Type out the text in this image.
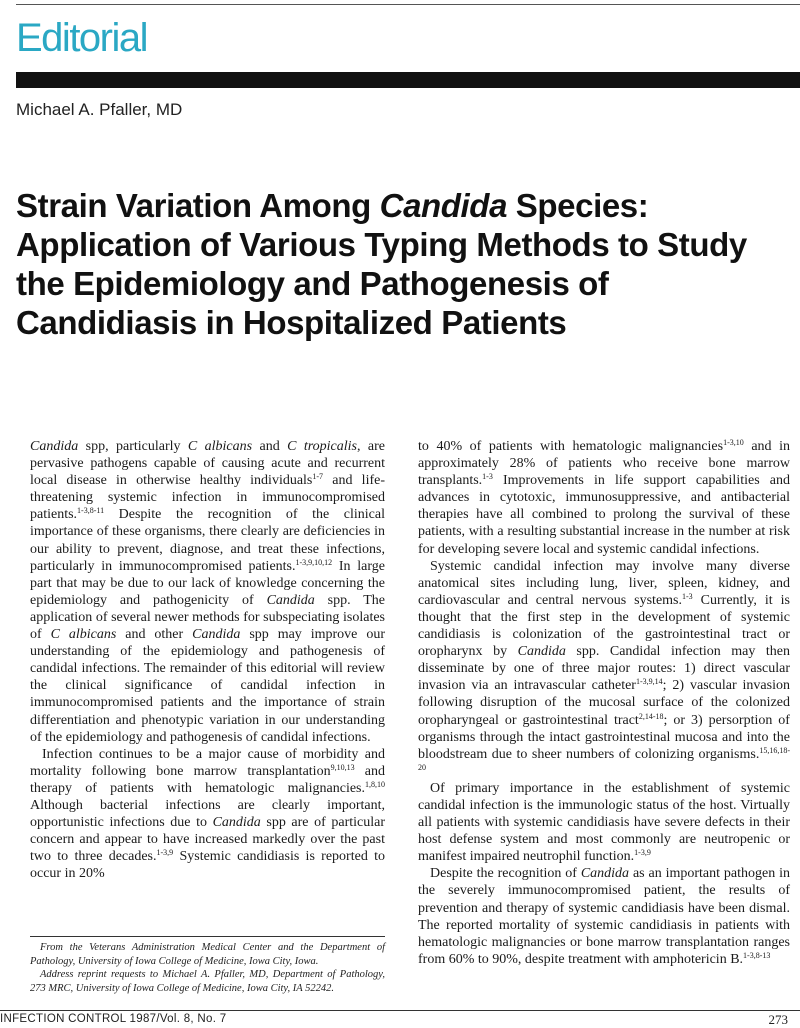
Editorial
Michael A. Pfaller, MD
Strain Variation Among Candida Species: Application of Various Typing Methods to Study the Epidemiology and Pathogenesis of Candidiasis in Hospitalized Patients

Candida spp, particularly C albicans and C tropicalis, are pervasive pathogens capable of causing acute and recurrent local disease in otherwise healthy individuals$^{1-7}$ and life-threatening systemic infection in immunocompromised patients.$^{1-3,8-11}$ Despite the recognition of the clinical importance of these organisms, there clearly are deficiencies in our ability to prevent, diagnose, and treat these infections, particularly in immunocompromised patients.$^{1-3,9,10,12}$ In large part that may be due to our lack of knowledge concerning the epidemiology and pathogenicity of Candida spp. The application of several newer methods for subspeciating isolates of C albicans and other Candida spp may improve our understanding of the epidemiology and pathogenesis of candidal infections. The remainder of this editorial will review the clinical significance of candidal infection in immunocompromised patients and the importance of strain differentiation and phenotypic variation in our understanding of the epidemiology and pathogenesis of candidal infections.

Infection continues to be a major cause of morbidity and mortality following bone marrow transplantation$^{9,10,13}$ and therapy of patients with hematologic malignancies.$^{1,8,10}$ Although bacterial infections are clearly important, opportunistic infections due to Candida spp are of particular concern and appear to have increased markedly over the past two to three decades.$^{1-3,9}$ Systemic candidiasis is reported to occur in 20%

From the Veterans Administration Medical Center and the Department of Pathology, University of Iowa College of Medicine, Iowa City, Iowa.

Address reprint requests to Michael A. Pfaller, MD, Department of Pathology, 273 MRC, University of Iowa College of Medicine, Iowa City, IA 52242.

to 40% of patients with hematologic malignancies$^{1-3,10}$ and in approximately 28% of patients who receive bone marrow transplants.$^{1-3}$ Improvements in life support capabilities and advances in cytotoxic, immunosuppressive, and antibacterial therapies have all combined to prolong the survival of these patients, with a resulting substantial increase in the number at risk for developing severe local and systemic candidal infections.

Systemic candidal infection may involve many diverse anatomical sites including lung, liver, spleen, kidney, and cardiovascular and central nervous systems.$^{1-3}$ Currently, it is thought that the first step in the development of systemic candidiasis is colonization of the gastrointestinal tract or oropharynx by Candida spp. Candidal infection may then disseminate by one of three major routes: 1) direct vascular invasion via an intravascular catheter$^{1-3,9,14}$; 2) vascular invasion following disruption of the mucosal surface of the colonized oropharyngeal or gastrointestinal tract$^{2,14-18}$; or 3) persorption of organisms through the intact gastrointestinal mucosa and into the bloodstream due to sheer numbers of colonizing organisms.$^{15,16,18-20}$

Of primary importance in the establishment of systemic candidal infection is the immunologic status of the host. Virtually all patients with systemic candidiasis have severe defects in their host defense system and most commonly are neutropenic or manifest impaired neutrophil function.$^{1-3,9}$

Despite the recognition of Candida as an important pathogen in the severely immunocompromised patient, the results of prevention and therapy of systemic candidiasis have been dismal. The reported mortality of systemic candidiasis in patients with hematologic malignancies or bone marrow transplantation ranges from 60% to 90%, despite treatment with amphotericin B.$^{1-3,8-13}$

INFECTION CONTROL 1987/Vol. 8, No. 7	273
